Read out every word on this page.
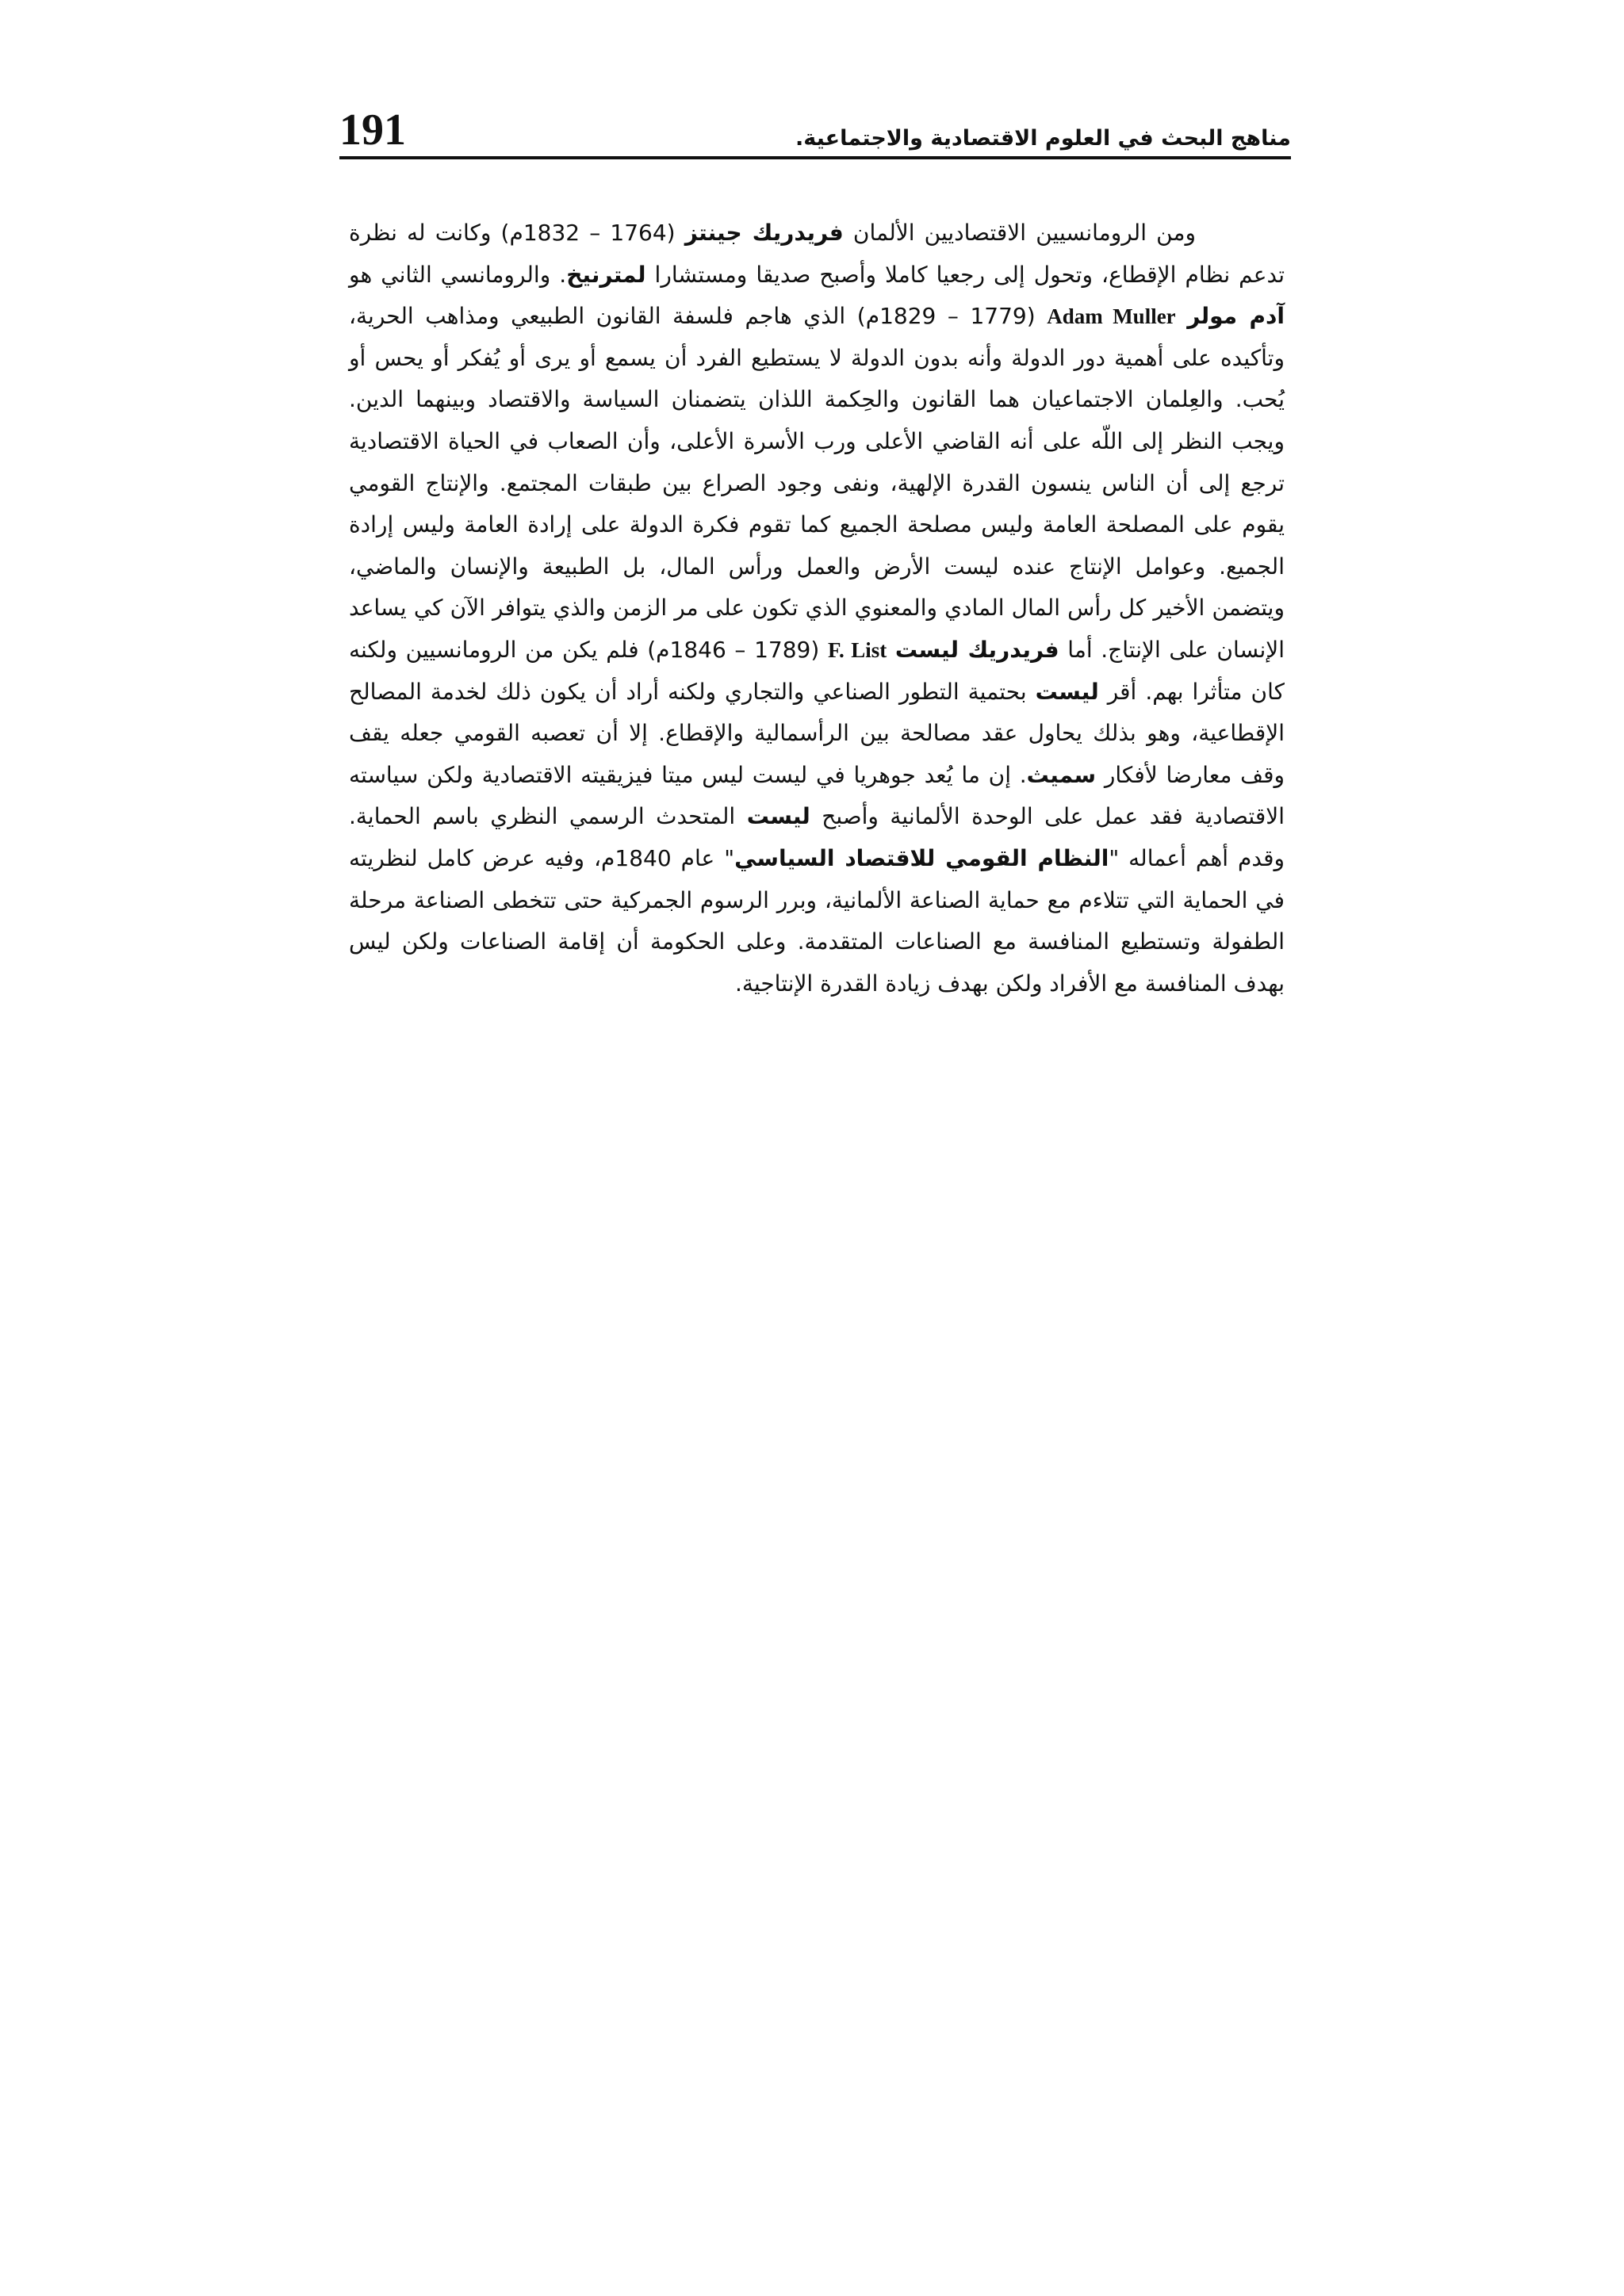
مناهج البحث في العلوم الاقتصادية والاجتماعية.
191

ومن الرومانسيين الاقتصاديين الألمان فريدريك جينتز (1764 – 1832م) وكانت له نظرة تدعم نظام الإقطاع، وتحول إلى رجعيا كاملا وأصبح صديقا ومستشارا لمترنيخ. والرومانسي الثاني هو آدم مولر Adam Muller (1779 – 1829م) الذي هاجم فلسفة القانون الطبيعي ومذاهب الحرية، وتأكيده على أهمية دور الدولة وأنه بدون الدولة لا يستطيع الفرد أن يسمع أو يرى أو يُفكر أو يحس أو يُحب. والعِلمان الاجتماعيان هما القانون والحِكمة اللذان يتضمنان السياسة والاقتصاد وبينهما الدين. ويجب النظر إلى اللّه على أنه القاضي الأعلى ورب الأسرة الأعلى، وأن الصعاب في الحياة الاقتصادية ترجع إلى أن الناس ينسون القدرة الإلهية، ونفى وجود الصراع بين طبقات المجتمع. والإنتاج القومي يقوم على المصلحة العامة وليس مصلحة الجميع كما تقوم فكرة الدولة على إرادة العامة وليس إرادة الجميع. وعوامل الإنتاج عنده ليست الأرض والعمل ورأس المال، بل الطبيعة والإنسان والماضي، ويتضمن الأخير كل رأس المال المادي والمعنوي الذي تكون على مر الزمن والذي يتوافر الآن كي يساعد الإنسان على الإنتاج. أما فريدريك ليست F. List (1789 – 1846م) فلم يكن من الرومانسيين ولكنه كان متأثرا بهم. أقر ليست بحتمية التطور الصناعي والتجاري ولكنه أراد أن يكون ذلك لخدمة المصالح الإقطاعية، وهو بذلك يحاول عقد مصالحة بين الرأسمالية والإقطاع. إلا أن تعصبه القومي جعله يقف وقف معارضا لأفكار سميث. إن ما يُعد جوهريا في ليست ليس ميتا فيزيقيته الاقتصادية ولكن سياسته الاقتصادية فقد عمل على الوحدة الألمانية وأصبح ليست المتحدث الرسمي النظري باسم الحماية. وقدم أهم أعماله "النظام القومي للاقتصاد السياسي" عام 1840م، وفيه عرض كامل لنظريته في الحماية التي تتلاءم مع حماية الصناعة الألمانية، وبرر الرسوم الجمركية حتى تتخطى الصناعة مرحلة الطفولة وتستطيع المنافسة مع الصناعات المتقدمة. وعلى الحكومة أن إقامة الصناعات ولكن ليس بهدف المنافسة مع الأفراد ولكن بهدف زيادة القدرة الإنتاجية.
